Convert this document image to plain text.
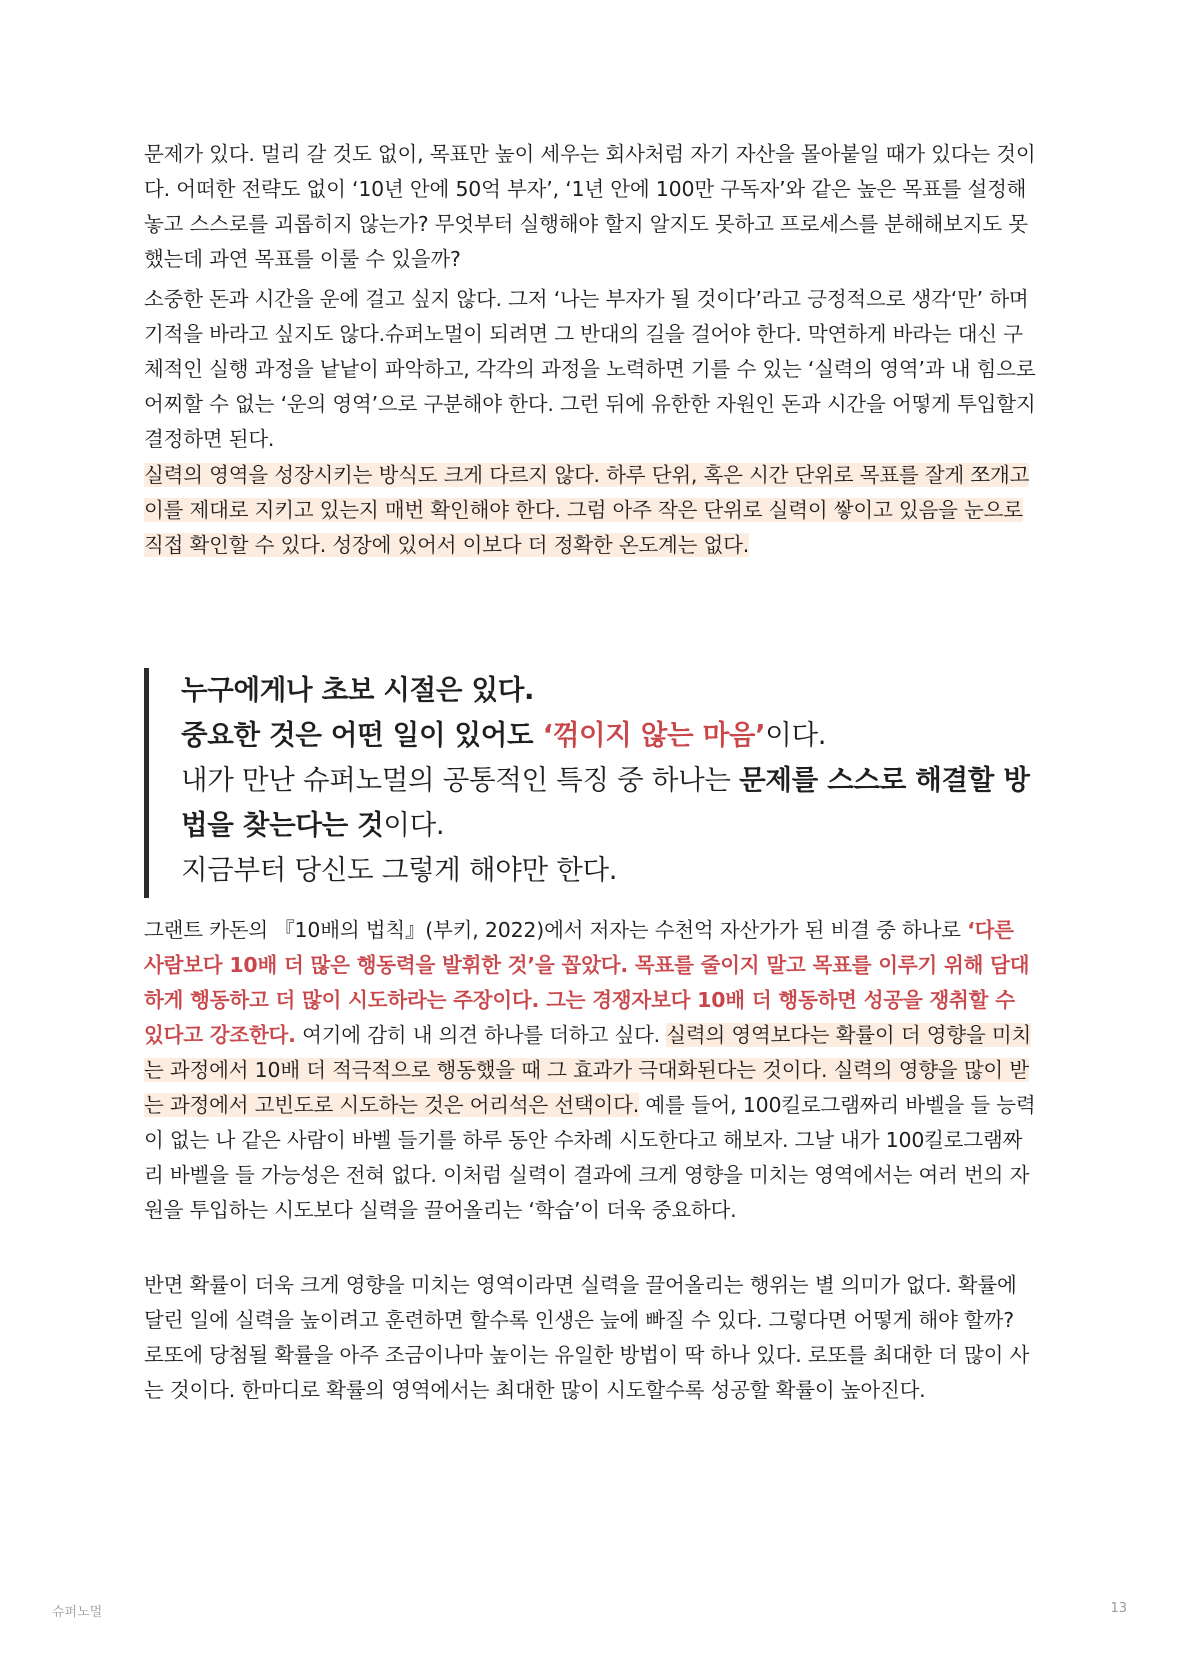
문제가 있다. 멀리 갈 것도 없이, 목표만 높이 세우는 회사처럼 자기 자산을 몰아붙일 때가 있다는 것이다. 어떠한 전략도 없이 ‘10년 안에 50억 부자’, ‘1년 안에 100만 구독자’와 같은 높은 목표를 설정해놓고 스스로를 괴롭히지 않는가? 무엇부터 실행해야 할지 알지도 못하고 프로세스를 분해해보지도 못했는데 과연 목표를 이룰 수 있을까?

소중한 돈과 시간을 운에 걸고 싶지 않다. 그저 ‘나는 부자가 될 것이다’라고 긍정적으로 생각‘만’ 하며 기적을 바라고 싶지도 않다.슈퍼노멀이 되려면 그 반대의 길을 걸어야 한다. 막연하게 바라는 대신 구체적인 실행 과정을 낱낱이 파악하고, 각각의 과정을 노력하면 기를 수 있는 ‘실력의 영역’과 내 힘으로 어찌할 수 없는 ‘운의 영역’으로 구분해야 한다. 그런 뒤에 유한한 자원인 돈과 시간을 어떻게 투입할지 결정하면 된다.

실력의 영역을 성장시키는 방식도 크게 다르지 않다. 하루 단위, 혹은 시간 단위로 목표를 잘게 쪼개고 이를 제대로 지키고 있는지 매번 확인해야 한다. 그럼 아주 작은 단위로 실력이 쌓이고 있음을 눈으로 직접 확인할 수 있다. 성장에 있어서 이보다 더 정확한 온도계는 없다.

누구에게나 초보 시절은 있다.

중요한 것은 어떤 일이 있어도 ‘꺾이지 않는 마음’이다.

내가 만난 슈퍼노멀의 공통적인 특징 중 하나는 문제를 스스로 해결할 방법을 찾는다는 것이다.

지금부터 당신도 그렇게 해야만 한다.

그랜트 카돈의 『10배의 법칙』(부키, 2022)에서 저자는 수천억 자산가가 된 비결 중 하나로 ‘다른 사람보다 10배 더 많은 행동력을 발휘한 것’을 꼽았다. 목표를 줄이지 말고 목표를 이루기 위해 담대하게 행동하고 더 많이 시도하라는 주장이다. 그는 경쟁자보다 10배 더 행동하면 성공을 쟁취할 수 있다고 강조한다. 여기에 감히 내 의견 하나를 더하고 싶다. 실력의 영역보다는 확률이 더 영향을 미치는 과정에서 10배 더 적극적으로 행동했을 때 그 효과가 극대화된다는 것이다. 실력의 영향을 많이 받는 과정에서 고빈도로 시도하는 것은 어리석은 선택이다. 예를 들어, 100킬로그램짜리 바벨을 들 능력이 없는 나 같은 사람이 바벨 들기를 하루 동안 수차례 시도한다고 해보자. 그날 내가 100킬로그램짜리 바벨을 들 가능성은 전혀 없다. 이처럼 실력이 결과에 크게 영향을 미치는 영역에서는 여러 번의 자원을 투입하는 시도보다 실력을 끌어올리는 ‘학습’이 더욱 중요하다.

반면 확률이 더욱 크게 영향을 미치는 영역이라면 실력을 끌어올리는 행위는 별 의미가 없다. 확률에 달린 일에 실력을 높이려고 훈련하면 할수록 인생은 늪에 빠질 수 있다. 그렇다면 어떻게 해야 할까? 로또에 당첨될 확률을 아주 조금이나마 높이는 유일한 방법이 딱 하나 있다. 로또를 최대한 더 많이 사는 것이다. 한마디로 확률의 영역에서는 최대한 많이 시도할수록 성공할 확률이 높아진다.

슈퍼노멀	13
